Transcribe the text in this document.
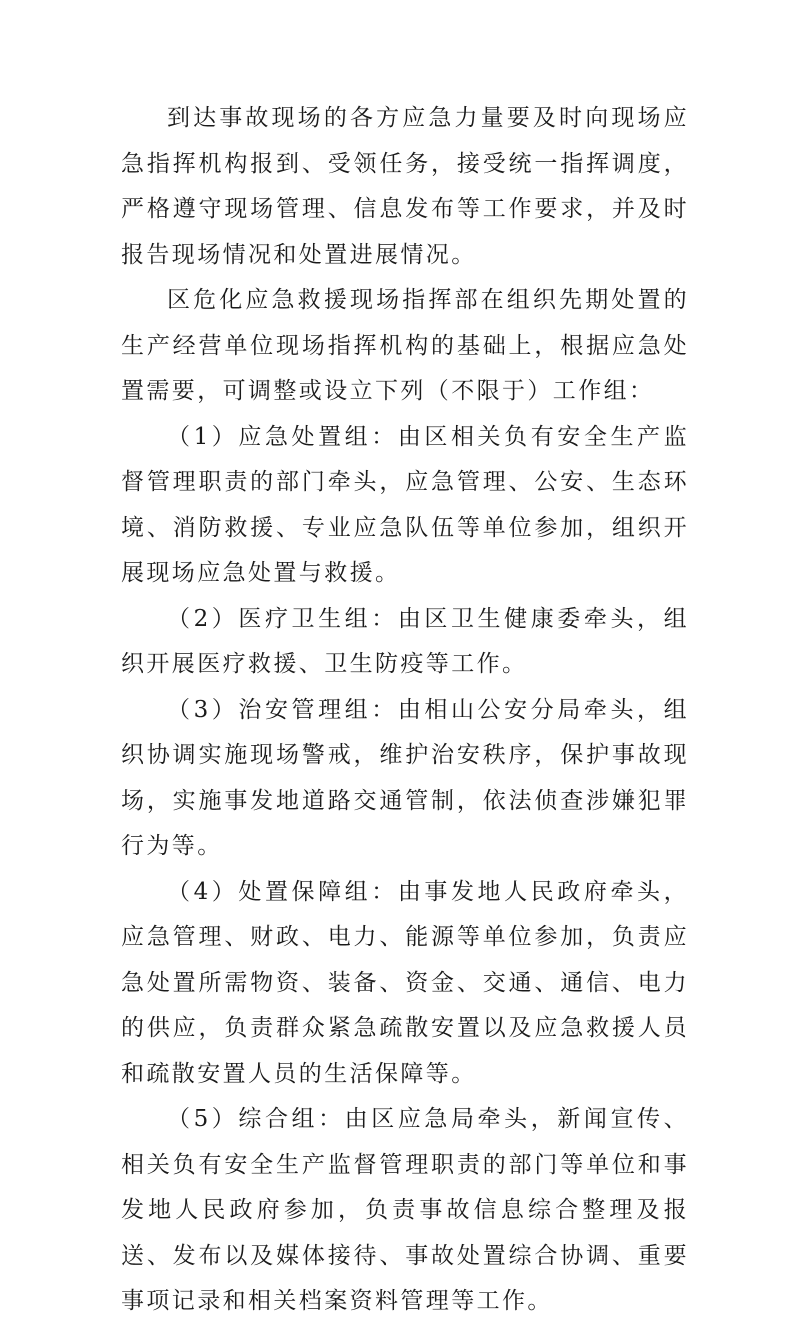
到达事故现场的各方应急力量要及时向现场应急指挥机构报到、受领任务，接受统一指挥调度，严格遵守现场管理、信息发布等工作要求，并及时报告现场情况和处置进展情况。

区危化应急救援现场指挥部在组织先期处置的生产经营单位现场指挥机构的基础上，根据应急处置需要，可调整或设立下列（不限于）工作组：

（1）应急处置组：由区相关负有安全生产监督管理职责的部门牵头，应急管理、公安、生态环境、消防救援、专业应急队伍等单位参加，组织开展现场应急处置与救援。

（2）医疗卫生组：由区卫生健康委牵头，组织开展医疗救援、卫生防疫等工作。

（3）治安管理组：由相山公安分局牵头，组织协调实施现场警戒，维护治安秩序，保护事故现场，实施事发地道路交通管制，依法侦查涉嫌犯罪行为等。

（4）处置保障组：由事发地人民政府牵头，应急管理、财政、电力、能源等单位参加，负责应急处置所需物资、装备、资金、交通、通信、电力的供应，负责群众紧急疏散安置以及应急救援人员和疏散安置人员的生活保障等。

（5）综合组：由区应急局牵头，新闻宣传、相关负有安全生产监督管理职责的部门等单位和事发地人民政府参加，负责事故信息综合整理及报送、发布以及媒体接待、事故处置综合协调、重要事项记录和相关档案资料管理等工作。
